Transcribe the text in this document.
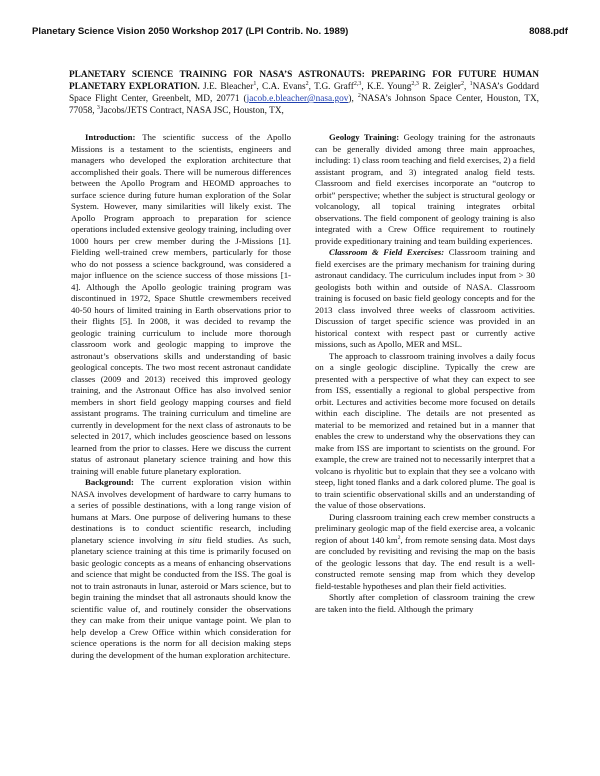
Planetary Science Vision 2050 Workshop 2017 (LPI Contrib. No. 1989)	8088.pdf
PLANETARY SCIENCE TRAINING FOR NASA’S ASTRONAUTS: PREPARING FOR FUTURE HUMAN PLANETARY EXPLORATION. J.E. Bleacher$^1$, C.A. Evans$^2$, T.G. Graff$^{2,3}$, K.E. Young$^{2,3}$ R. Zeigler$^2$, $^1$NASA’s Goddard Space Flight Center, Greenbelt, MD, 20771 (jacob.e.bleacher@nasa.gov), $^2$NASA’s Johnson Space Center, Houston, TX, 77058, $^3$Jacobs/JETS Contract, NASA JSC, Houston, TX,

Introduction: The scientific success of the Apollo Missions is a testament to the scientists, engineers and managers who developed the exploration architecture that accomplished their goals. There will be numerous differences between the Apollo Program and HEOMD approaches to surface science during future human exploration of the Solar System. However, many similarities will likely exist. The Apollo Program approach to preparation for science operations included extensive geology training, including over 1000 hours per crew member during the J-Missions [1]. Fielding well-trained crew members, particularly for those who do not possess a science background, was considered a major influence on the science success of those missions [1-4]. Although the Apollo geologic training program was discontinued in 1972, Space Shuttle crewmembers received 40-50 hours of limited training in Earth observations prior to their flights [5]. In 2008, it was decided to revamp the geologic training curriculum to include more thorough classroom work and geologic mapping to improve the astronaut’s observations skills and understanding of basic geological concepts. The two most recent astronaut candidate classes (2009 and 2013) received this improved geology training, and the Astronaut Office has also involved senior members in short field geology mapping courses and field assistant programs. The training curriculum and timeline are currently in development for the next class of astronauts to be selected in 2017, which includes geoscience based on lessons learned from the prior to classes. Here we discuss the current status of astronaut planetary science training and how this training will enable future planetary exploration.

Background: The current exploration vision within NASA involves development of hardware to carry humans to a series of possible destinations, with a long range vision of humans at Mars. One purpose of delivering humans to these destinations is to conduct scientific research, including planetary science involving in situ field studies. As such, planetary science training at this time is primarily focused on basic geologic concepts as a means of enhancing observations and science that might be conducted from the ISS. The goal is not to train astronauts in lunar, asteroid or Mars science, but to begin training the mindset that all astronauts should know the scientific value of, and routinely consider the observations they can make from their unique vantage point. We plan to help develop a Crew Office within which consideration for science operations is the norm for all decision making steps during the development of the human exploration architecture.

Geology Training: Geology training for the astronauts can be generally divided among three main approaches, including: 1) class room teaching and field exercises, 2) a field assistant program, and 3) integrated analog field tests. Classroom and field exercises incorporate an “outcrop to orbit” perspective; whether the subject is structural geology or volcanology, all topical training integrates orbital observations. The field component of geology training is also integrated with a Crew Office requirement to routinely provide expeditionary training and team building experiences.

Classroom & Field Exercises: Classroom training and field exercises are the primary mechanism for training during astronaut candidacy. The curriculum includes input from > 30 geologists both within and outside of NASA. Classroom training is focused on basic field geology concepts and for the 2013 class involved three weeks of classroom activities. Discussion of target specific science was provided in an historical context with respect past or currently active missions, such as Apollo, MER and MSL.

The approach to classroom training involves a daily focus on a single geologic discipline. Typically the crew are presented with a perspective of what they can expect to see from ISS, essentially a regional to global perspective from orbit. Lectures and activities become more focused on details within each discipline. The details are not presented as material to be memorized and retained but in a manner that enables the crew to understand why the observations they can make from ISS are important to scientists on the ground. For example, the crew are trained not to necessarily interpret that a volcano is rhyolitic but to explain that they see a volcano with steep, light toned flanks and a dark colored plume. The goal is to train scientific observational skills and an understanding of the value of those observations.

During classroom training each crew member constructs a preliminary geologic map of the field exercise area, a volcanic region of about 140 $km^2$, from remote sensing data. Most days are concluded by revisiting and revising the map on the basis of the geologic lessons that day. The end result is a well-constructed remote sensing map from which they develop field-testable hypotheses and plan their field activities.

Shortly after completion of classroom training the crew are taken into the field. Although the primary
